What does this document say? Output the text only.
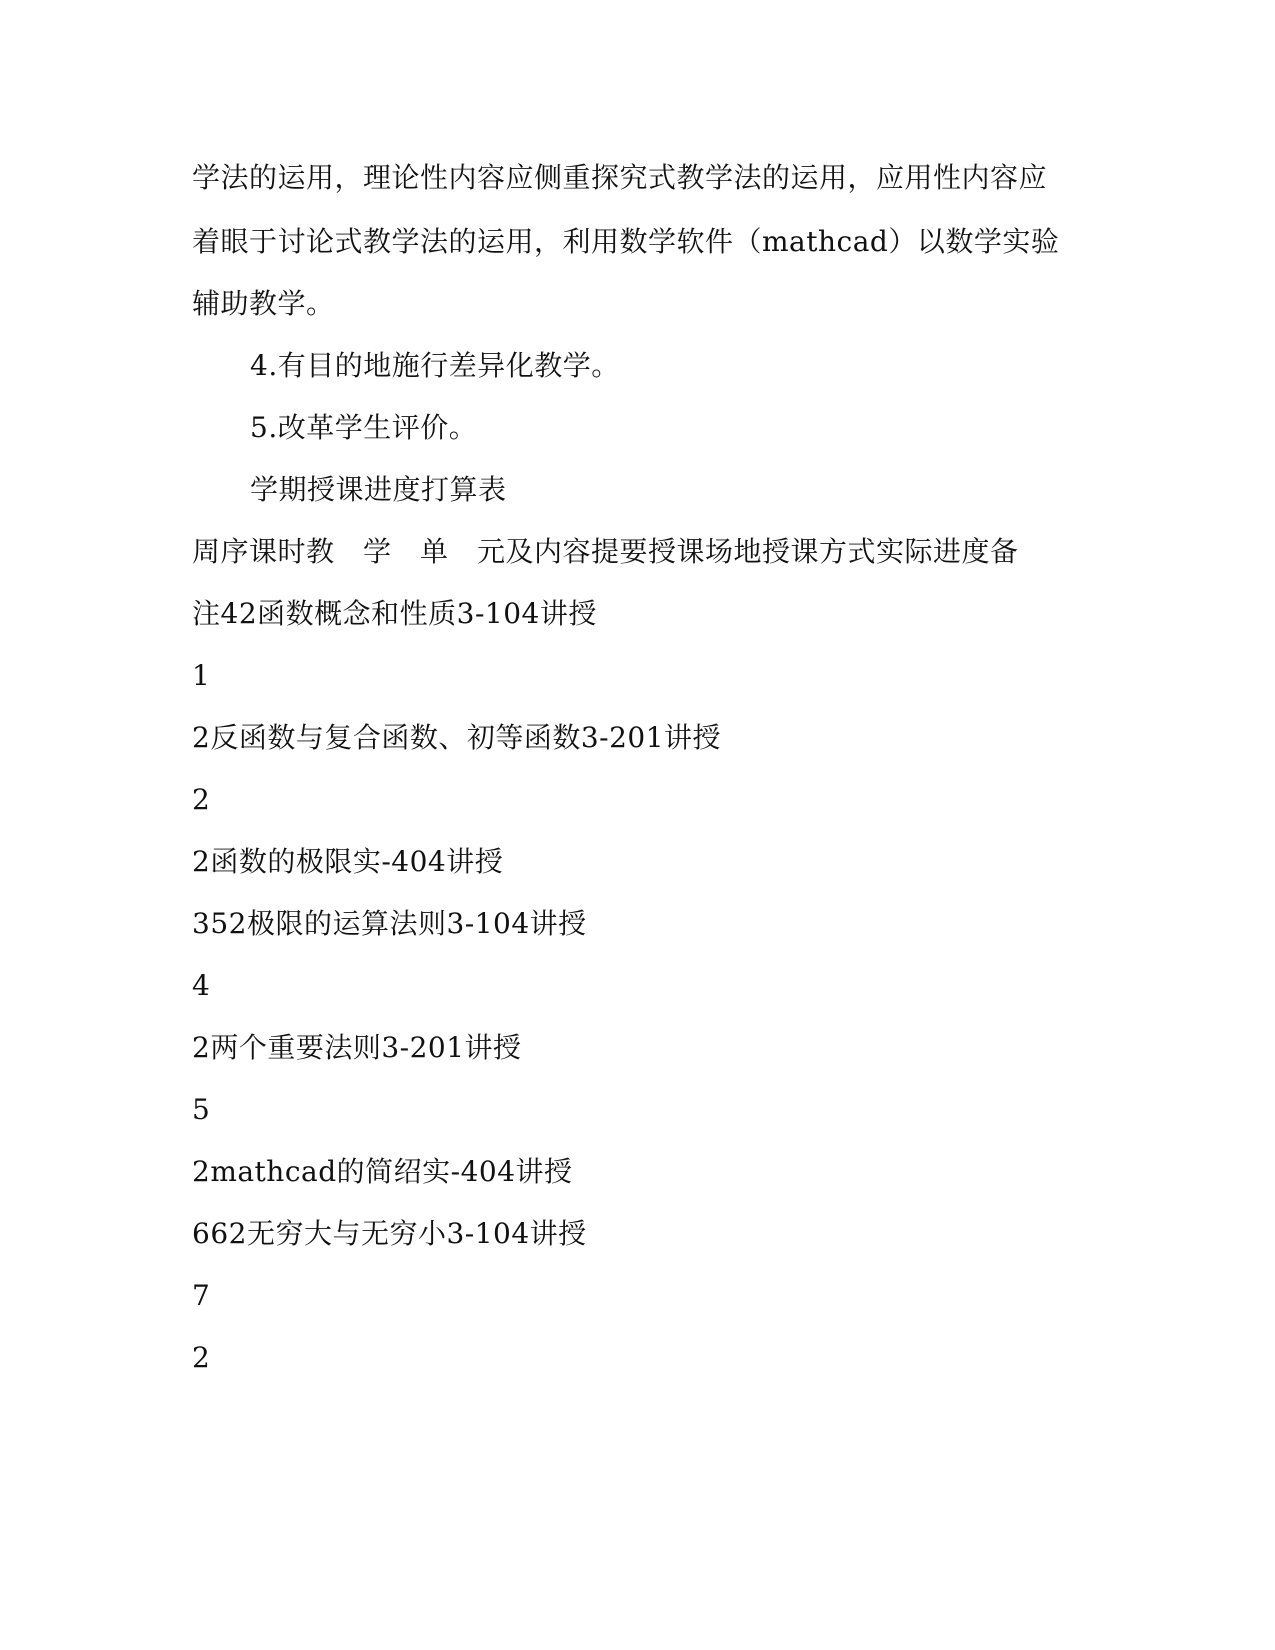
学法的运用，理论性内容应侧重探究式教学法的运用，应用性内容应
着眼于讨论式教学法的运用，利用数学软件（mathcad）以数学实验
辅助教学。
4.有目的地施行差异化教学。
5.改革学生评价。
学期授课进度打算表
周序课时教　学　单　元及内容提要授课场地授课方式实际进度备
注42函数概念和性质3-104讲授
1
2反函数与复合函数、初等函数3-201讲授
2
2函数的极限实-404讲授
352极限的运算法则3-104讲授
4
2两个重要法则3-201讲授
5
2mathcad的简绍实-404讲授
662无穷大与无穷小3-104讲授
7
2
